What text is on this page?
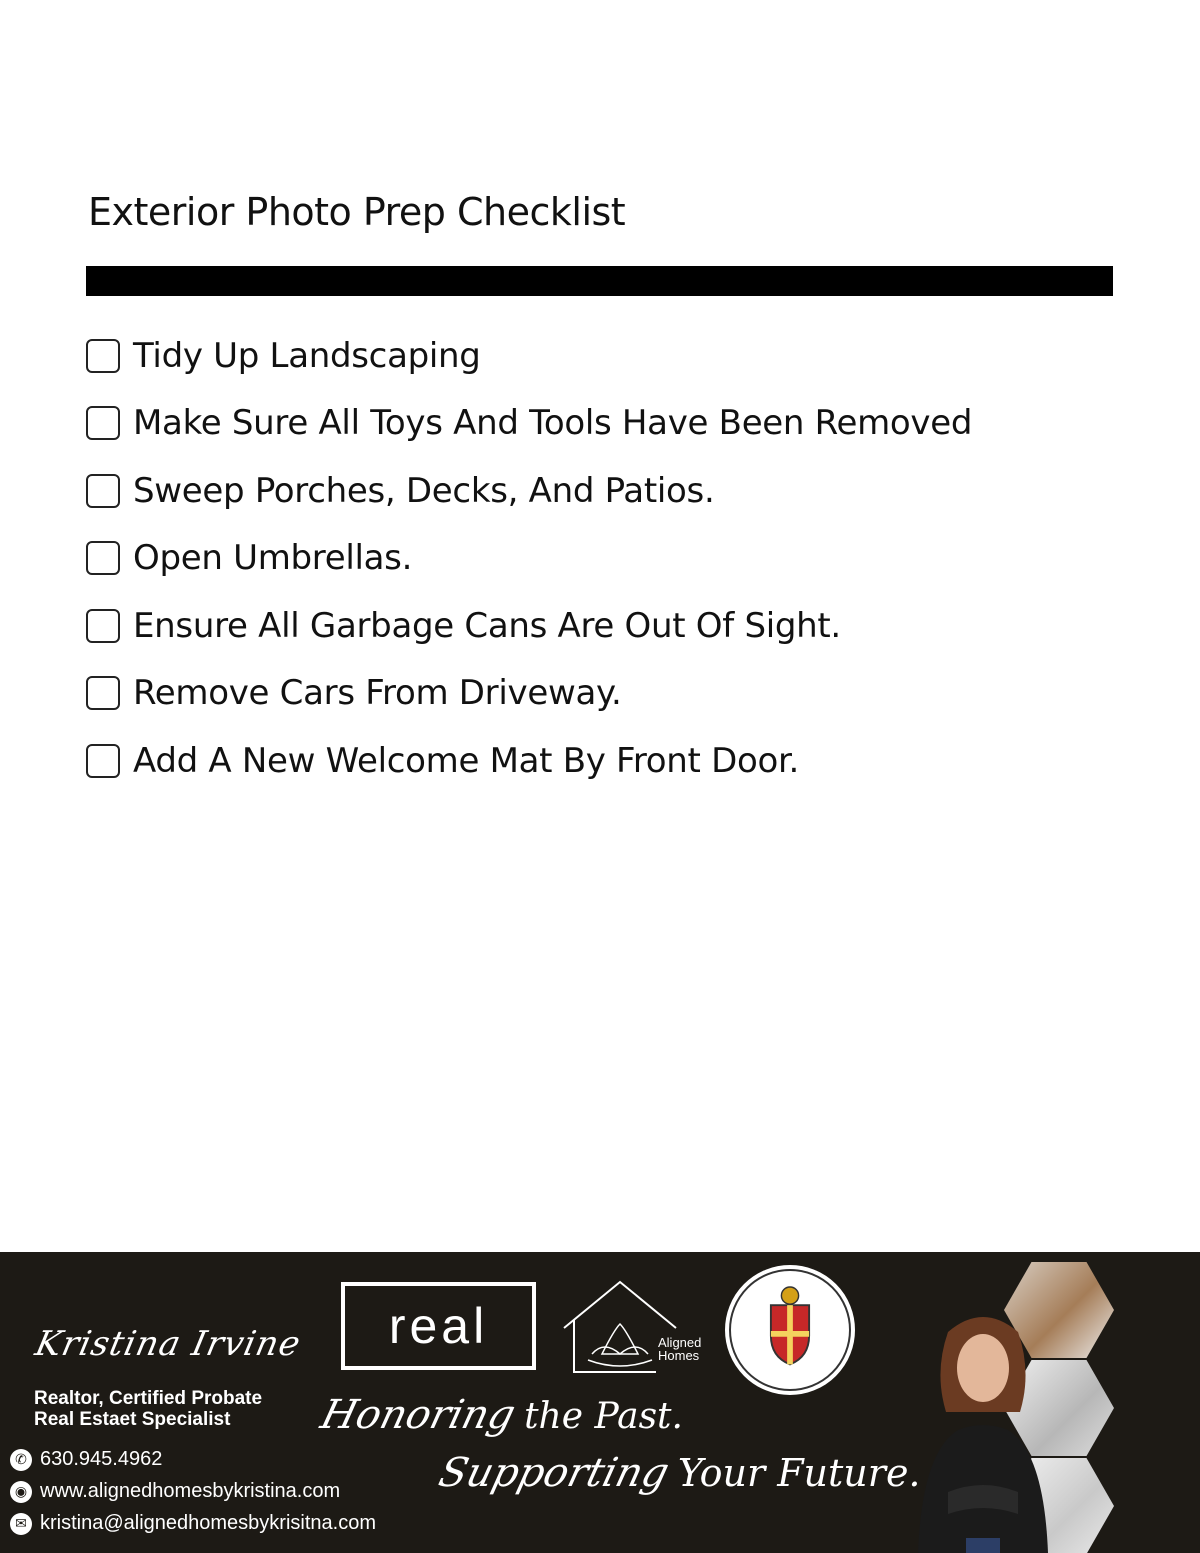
Exterior Photo Prep Checklist
Tidy Up Landscaping
Make Sure All Toys And Tools Have Been Removed
Sweep Porches, Decks, And Patios.
Open Umbrellas.
Ensure All Garbage Cans Are Out Of Sight.
Remove Cars From Driveway.
Add A New Welcome Mat By Front Door.
Kristina Irvine
Realtor, Certified Probate
Real Estaet Specialist
✆ 630.945.4962
◉ www.alignedhomesbykristina.com
✉ kristina@alignedhomesbykrisitna.com
real	Aligned
Homes
Honoring the Past.
Supporting Your Future.
